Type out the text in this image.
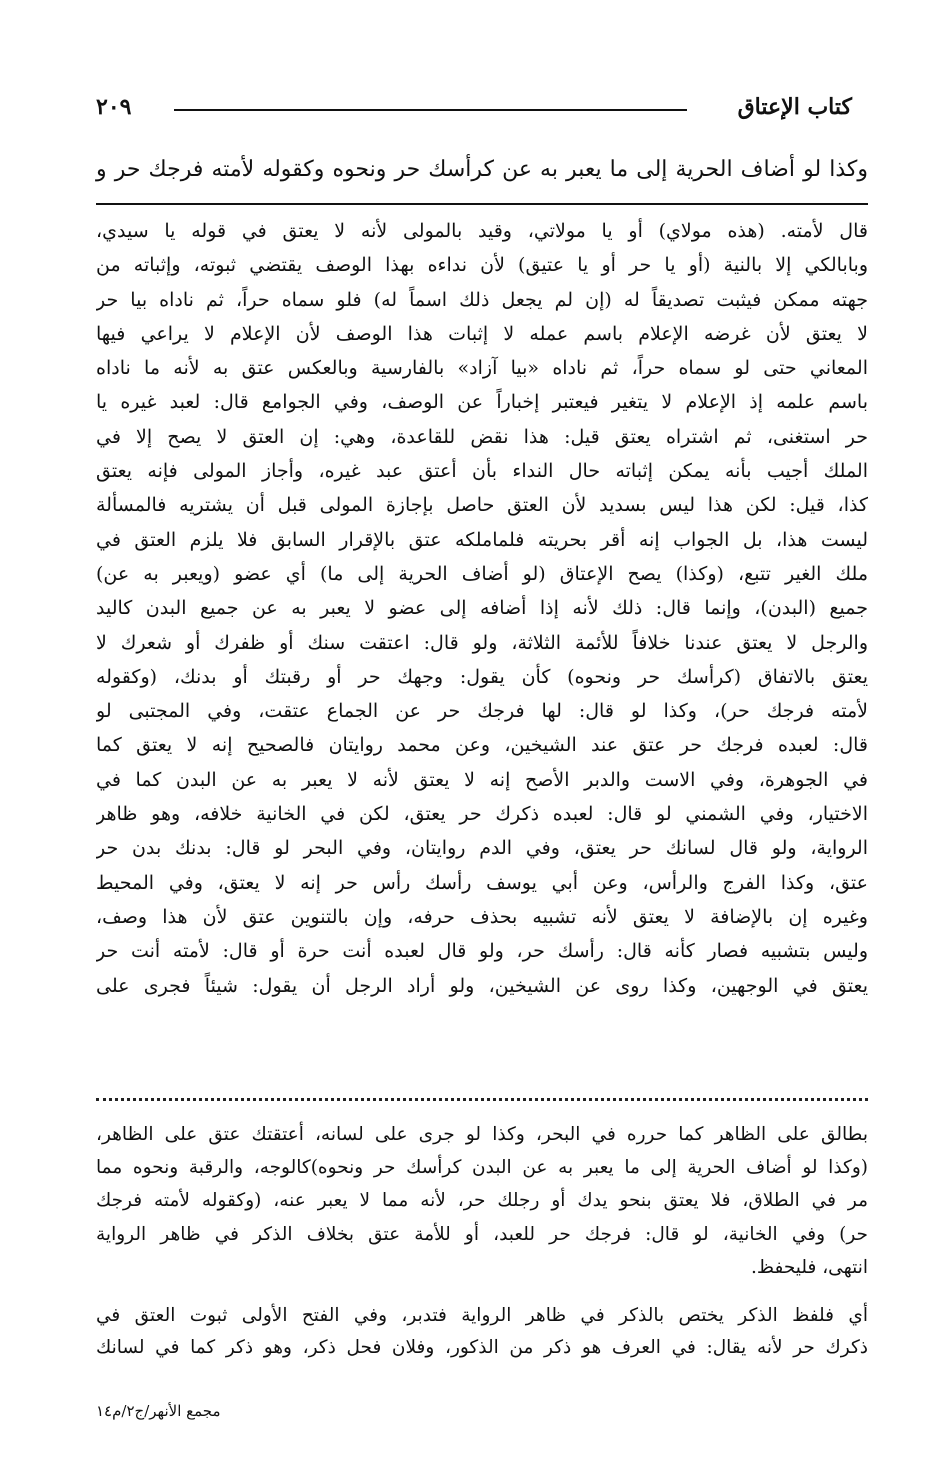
كتاب الإعتاق
٢٠٩
وكذا لو أضاف الحرية إلى ما يعبر به عن كرأسك حر ونحوه وكقوله لأمته فرجك حر و
قال لأمته. (هذه مولاي) أو يا مولاتي، وقيد بالمولى لأنه لا يعتق في قوله يا سيدي،
وبابالكي إلا بالنية (أو يا حر أو يا عتيق) لأن نداءه بهذا الوصف يقتضي ثبوته، وإثباته من
جهته ممكن فيثبت تصديقاً له (إن لم يجعل ذلك اسماً له) فلو سماه حراً، ثم ناداه بيا حر
لا يعتق لأن غرضه الإعلام باسم عمله لا إثبات هذا الوصف لأن الإعلام لا يراعي فيها
المعاني حتى لو سماه حراً، ثم ناداه «بيا آزاد» بالفارسية وبالعكس عتق به لأنه ما ناداه
باسم علمه إذ الإعلام لا يتغير فيعتبر إخباراً عن الوصف، وفي الجوامع قال: لعبد غيره يا
حر استغنى، ثم اشتراه يعتق قيل: هذا نقض للقاعدة، وهي: إن العتق لا يصح إلا في
الملك أجيب بأنه يمكن إثباته حال النداء بأن أعتق عبد غيره، وأجاز المولى فإنه يعتق
كذا، قيل: لكن هذا ليس بسديد لأن العتق حاصل بإجازة المولى قبل أن يشتريه فالمسألة
ليست هذا، بل الجواب إنه أقر بحريته فلماملكه عتق بالإقرار السابق فلا يلزم العتق في
ملك الغير تتبع، (وكذا) يصح الإعتاق (لو أضاف الحرية إلى ما) أي عضو (ويعبر به عن)
جميع (البدن)، وإنما قال: ذلك لأنه إذا أضافه إلى عضو لا يعبر به عن جميع البدن كاليد
والرجل لا يعتق عندنا خلافاً للأئمة الثلاثة، ولو قال: اعتقت سنك أو ظفرك أو شعرك لا
يعتق بالاتفاق (كرأسك حر ونحوه) كأن يقول: وجهك حر أو رقبتك أو بدنك، (وكقوله
لأمته فرجك حر)، وكذا لو قال: لها فرجك حر عن الجماع عتقت، وفي المجتبى لو
قال: لعبده فرجك حر عتق عند الشيخين، وعن محمد روايتان فالصحيح إنه لا يعتق كما
في الجوهرة، وفي الاست والدبر الأصح إنه لا يعتق لأنه لا يعبر به عن البدن كما في
الاختيار، وفي الشمني لو قال: لعبده ذكرك حر يعتق، لكن في الخانية خلافه، وهو ظاهر
الرواية، ولو قال لسانك حر يعتق، وفي الدم روايتان، وفي البحر لو قال: بدنك بدن حر
عتق، وكذا الفرج والرأس، وعن أبي يوسف رأسك رأس حر إنه لا يعتق، وفي المحيط
وغيره إن بالإضافة لا يعتق لأنه تشبيه بحذف حرفه، وإن بالتنوين عتق لأن هذا وصف،
وليس بتشبيه فصار كأنه قال: رأسك حر، ولو قال لعبده أنت حرة أو قال: لأمته أنت حر
يعتق في الوجهين، وكذا روى عن الشيخين، ولو أراد الرجل أن يقول: شيئاً فجرى على
بطالق على الظاهر كما حرره في البحر، وكذا لو جرى على لسانه، أعتقتك عتق على الظاهر،
(وكذا لو أضاف الحرية إلى ما يعبر به عن البدن كرأسك حر ونحوه)كالوجه، والرقبة ونحوه مما
مر في الطلاق، فلا يعتق بنحو يدك أو رجلك حر، لأنه مما لا يعبر عنه، (وكقوله لأمته فرجك
حر) وفي الخانية، لو قال: فرجك حر للعبد، أو للأمة عتق بخلاف الذكر في ظاهر الرواية
انتهى، فليحفظ.
أي فلفظ الذكر يختص بالذكر في ظاهر الرواية فتدبر، وفي الفتح الأولى ثبوت العتق في
ذكرك حر لأنه يقال: في العرف هو ذكر من الذكور، وفلان فحل ذكر، وهو ذكر كما في لسانك
مجمع الأنهر/ج٢/م١٤
